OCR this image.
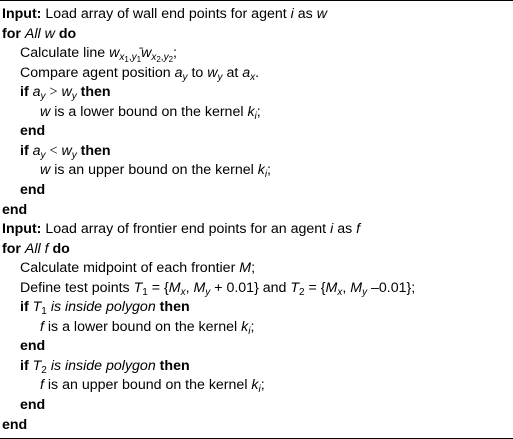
Input: Load array of wall end points for agent i as w
for All w do
Calculate line $w_{x_1,y_1}w_{x_2,y_2}$;
Compare agent position $a_y$ to $w_y$ at $a_x$.
if $a_y > w_y$ then
w is a lower bound on the kernel $k_i$;
end
if $a_y < w_y$ then
w is an upper bound on the kernel $k_i$;
end
end
Input: Load array of frontier end points for an agent i as f
for All f do
Calculate midpoint of each frontier M;
Define test points $T_1 = \{M_x$, $M_y + 0.01$} and $T_2 = \{M_x$, $M_y$ –0.01};
if $T_1$ is inside polygon then
f is a lower bound on the kernel $k_i$;
end
if $T_2$ is inside polygon then
f is an upper bound on the kernel $k_i$;
end
end
